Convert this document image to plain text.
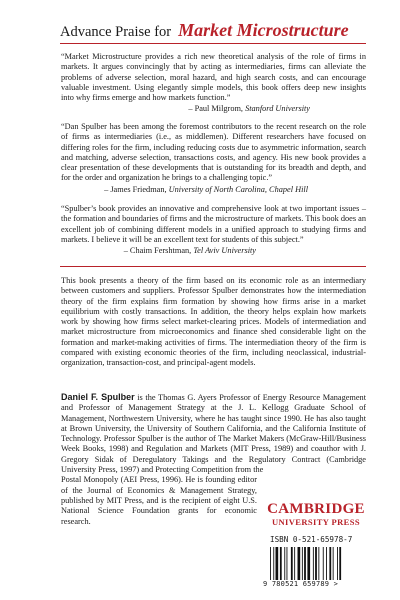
Advance Praise for Market Microstructure

“Market Microstructure provides a rich new theoretical analysis of the role of firms in markets. It argues convincingly that by acting as intermediaries, firms can alleviate the problems of adverse selection, moral hazard, and high search costs, and can encourage valuable investment. Using elegantly simple models, this book offers deep new insights into why firms emerge and how markets function.”

– Paul Milgrom, Stanford University

“Dan Spulber has been among the foremost contributors to the recent research on the role of firms as intermediaries (i.e., as middlemen). Different researchers have focused on differing roles for the firm, including reducing costs due to asymmetric information, search and matching, adverse selection, transactions costs, and agency. His new book provides a clear presentation of these developments that is outstanding for its breadth and depth, and for the order and organization he brings to a challenging topic.”

– James Friedman, University of North Carolina, Chapel Hill

“Spulber’s book provides an innovative and comprehensive look at two important issues – the formation and boundaries of firms and the microstructure of markets. This book does an excellent job of combining different models in a unified approach to studying firms and markets. I believe it will be an excellent text for students of this subject.”

– Chaim Fershtman, Tel Aviv University

This book presents a theory of the firm based on its economic role as an intermediary between customers and suppliers. Professor Spulber demonstrates how the intermediation theory of the firm explains firm formation by showing how firms arise in a market equilibrium with costly transactions. In addition, the theory helps explain how markets work by showing how firms select market-clearing prices. Models of intermediation and market microstructure from microeconomics and finance shed considerable light on the formation and market-making activities of firms. The intermediation theory of the firm is compared with existing economic theories of the firm, including neoclassical, industrial-organization, transaction-cost, and principal-agent models.

Daniel F. Spulber is the Thomas G. Ayers Professor of Energy Resource Management and Professor of Management Strategy at the J. L. Kellogg Graduate School of Management, Northwestern University, where he has taught since 1990. He has also taught at Brown University, the University of Southern California, and the California Institute of Technology. Professor Spulber is the author of The Market Makers (McGraw-Hill/Business Week Books, 1998) and Regulation and Markets (MIT Press, 1989) and coauthor with J. Gregory Sidak of Deregulatory Takings and the Regulatory Contract (Cambridge University Press, 1997) and Protecting Competition from the

Postal Monopoly (AEI Press, 1996). He is founding editor of the Journal of Economics & Management Strategy, published by MIT Press, and is the recipient of eight U.S. National Science Foundation grants for economic research.
CAMBRIDGE
UNIVERSITY PRESS
ISBN 0-521-65978-7
9 780521 659789 >
